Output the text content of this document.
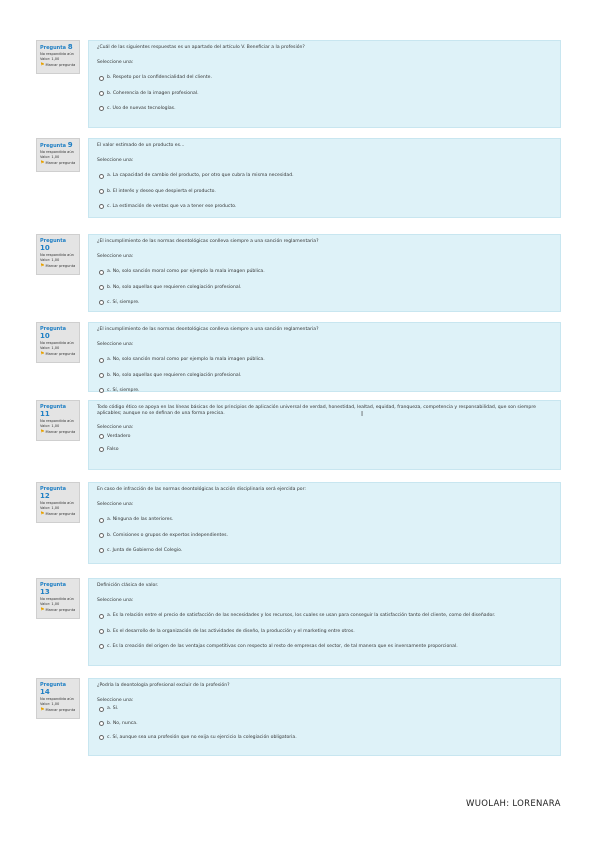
Pregunta 8
No respondida aún
Valor: 1,00
⚑ Marcar pregunta

¿Cuál de las siguientes respuestas es un apartado del artículo V. Beneficiar a la profesión?

Seleccione una:

b. Respeto por la confidencialidad del cliente.
b. Coherencia de la imagen profesional.
c. Uso de nuevas tecnologías.
Pregunta 9
No respondida aún
Valor: 1,00
⚑ Marcar pregunta

El valor estimado de un producto es...

Seleccione una:

a. La capacidad de cambio del producto, por otro que cubra la misma necesidad.
b. El interés y deseo que despierta el producto.
c. La estimación de ventas que va a tener ese producto.
Pregunta 10
No respondida aún
Valor: 1,00
⚑ Marcar pregunta

¿El incumplimiento de las normas deontológicas conlleva siempre a una sanción reglamentaria?

Seleccione una:

a. No, solo sanción moral como por ejemplo la mala imagen pública.
b. No, solo aquellas que requieren colegiación profesional.
c. Sí, siempre.
Pregunta 10
No respondida aún
Valor: 1,00
⚑ Marcar pregunta

¿El incumplimiento de las normas deontológicas conlleva siempre a una sanción reglamentaria?

Seleccione una:

a. No, solo sanción moral como por ejemplo la mala imagen pública.
b. No, solo aquellas que requieren colegiación profesional.
c. Sí, siempre.
Pregunta 11
No respondida aún
Valor: 1,00
⚑ Marcar pregunta

Todo código ético se apoya en las líneas básicas de los principios de aplicación universal de verdad, honestidad, lealtad, equidad, franqueza, competencia y responsabilidad, que son siempre aplicables; aunque no se definan de una forma precisa.

Seleccione una:

Verdadero
Falso
I
Pregunta 12
No respondida aún
Valor: 1,00
⚑ Marcar pregunta

En caso de infracción de las normas deontológicas la acción disciplinaria será ejercida por:

Seleccione una:

a. Ninguna de las anteriores.
b. Comisiones o grupos de expertos independientes.
c. Junta de Gobierno del Colegio.
Pregunta 13
No respondida aún
Valor: 1,00
⚑ Marcar pregunta

Definición clásica de valor.

Seleccione una:

a. Es la relación entre el precio de satisfacción de las necesidades y los recursos, los cuales se usan para conseguir la satisfacción tanto del cliente, como del diseñador.
b. Es el desarrollo de la organización de las actividades de diseño, la producción y el marketing entre otros.
c. Es la creación del origen de las ventajas competitivas con respecto al resto de empresas del sector, de tal manera que es inversamente proporcional.
Pregunta 14
No respondida aún
Valor: 1,00
⚑ Marcar pregunta

¿Podría la deontología profesional excluir de la profesión?

Seleccione una:

a. Sí.
b. No, nunca.
c. Sí, aunque sea una profesión que no exija su ejercicio la colegiación obligatoria.
WUOLAH: LORENARA
